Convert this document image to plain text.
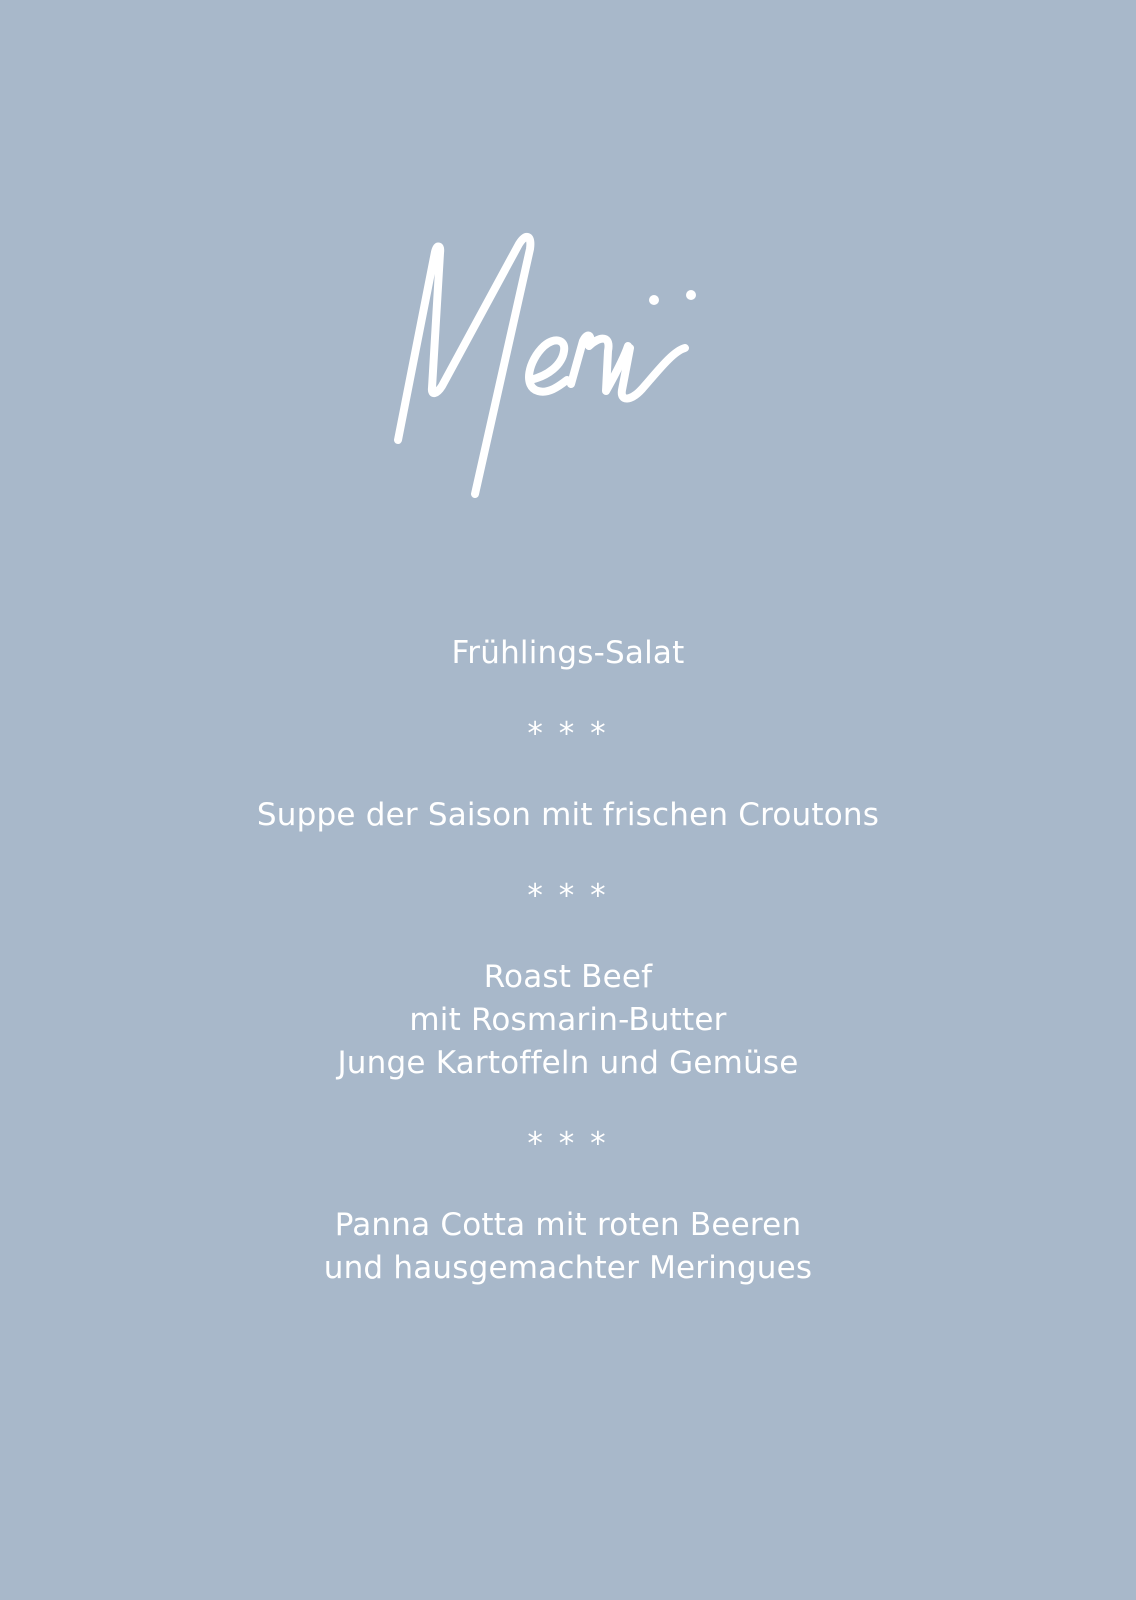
Frühlings-Salat
* * *
Suppe der Saison mit frischen Croutons
* * *
Roast Beef
mit Rosmarin-Butter
Junge Kartoffeln und Gemüse
* * *
Panna Cotta mit roten Beeren
und hausgemachter Meringues
